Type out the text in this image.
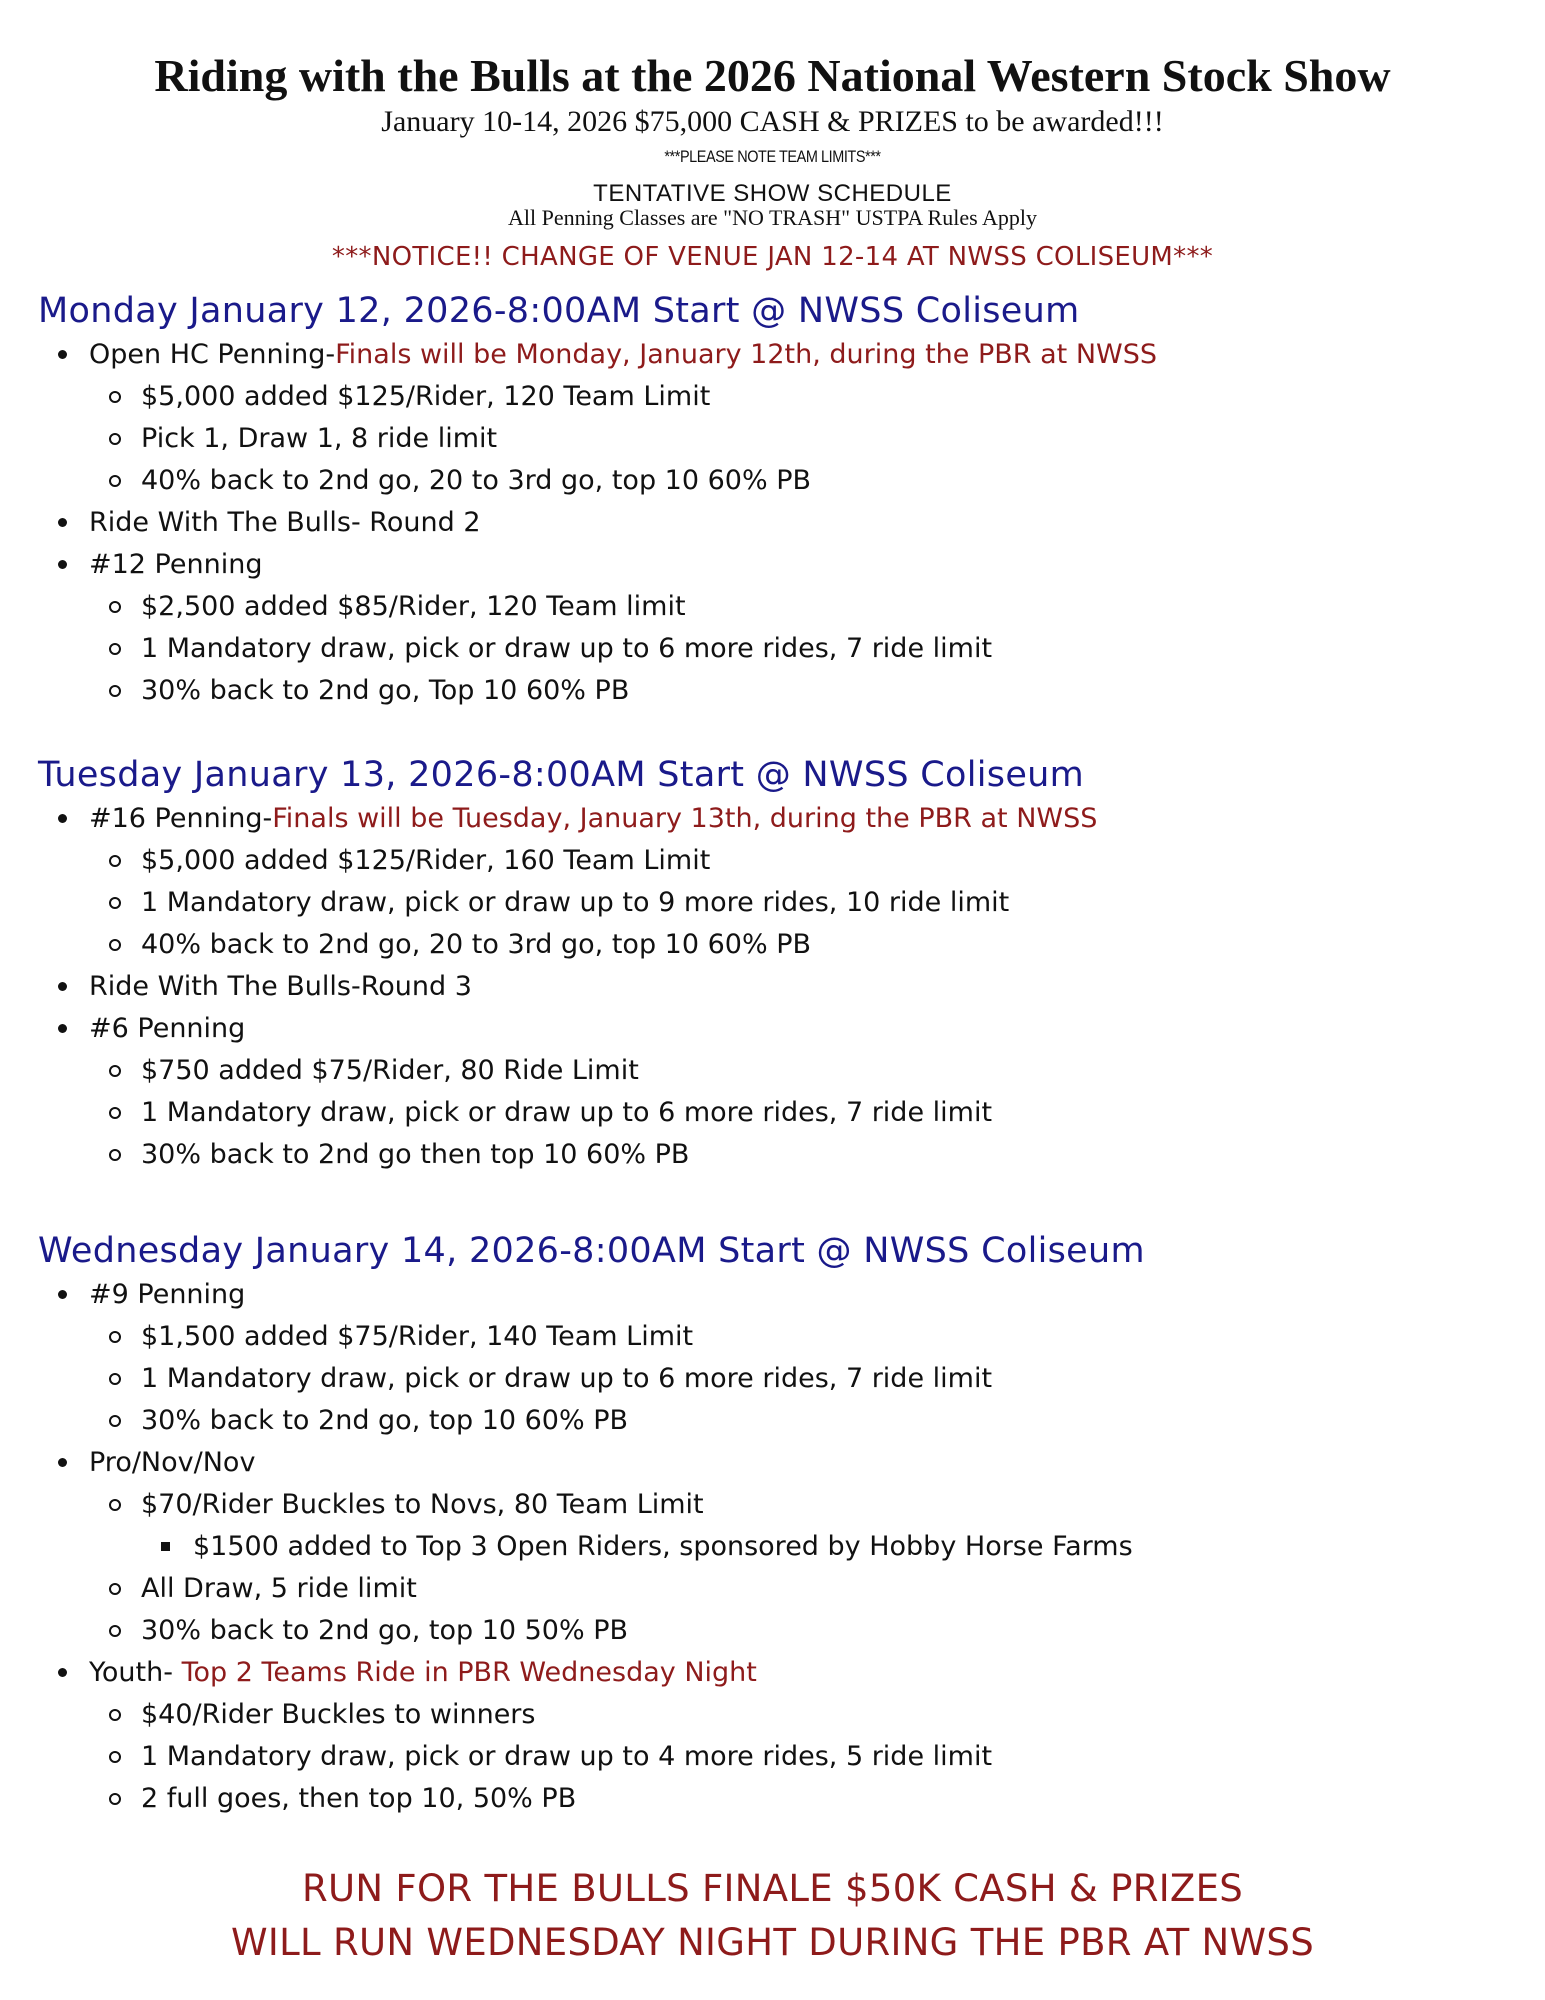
Riding with the Bulls at the 2026 National Western Stock Show
January 10-14, 2026 $75,000 CASH & PRIZES to be awarded!!!
***PLEASE NOTE TEAM LIMITS***
TENTATIVE SHOW SCHEDULE
All Penning Classes are "NO TRASH" USTPA Rules Apply
***NOTICE!! CHANGE OF VENUE JAN 12-14 AT NWSS COLISEUM***
Monday January 12, 2026-8:00AM Start @ NWSS Coliseum
Open HC Penning-Finals will be Monday, January 12th, during the PBR at NWSS
$5,000 added $125/Rider, 120 Team Limit
Pick 1, Draw 1, 8 ride limit
40% back to 2nd go, 20 to 3rd go, top 10 60% PB
Ride With The Bulls- Round 2
#12 Penning
$2,500 added $85/Rider, 120 Team limit
1 Mandatory draw, pick or draw up to 6 more rides, 7 ride limit
30% back to 2nd go, Top 10 60% PB
Tuesday January 13, 2026-8:00AM Start @ NWSS Coliseum
#16 Penning-Finals will be Tuesday, January 13th, during the PBR at NWSS
$5,000 added $125/Rider, 160 Team Limit
1 Mandatory draw, pick or draw up to 9 more rides, 10 ride limit
40% back to 2nd go, 20 to 3rd go, top 10 60% PB
Ride With The Bulls-Round 3
#6 Penning
$750 added $75/Rider, 80 Ride Limit
1 Mandatory draw, pick or draw up to 6 more rides, 7 ride limit
30% back to 2nd go then top 10 60% PB
Wednesday January 14, 2026-8:00AM Start @ NWSS Coliseum
#9 Penning
$1,500 added $75/Rider, 140 Team Limit
1 Mandatory draw, pick or draw up to 6 more rides, 7 ride limit
30% back to 2nd go, top 10 60% PB
Pro/Nov/Nov
$70/Rider Buckles to Novs, 80 Team Limit
$1500 added to Top 3 Open Riders, sponsored by Hobby Horse Farms
All Draw, 5 ride limit
30% back to 2nd go, top 10 50% PB
Youth- Top 2 Teams Ride in PBR Wednesday Night
$40/Rider Buckles to winners
1 Mandatory draw, pick or draw up to 4 more rides, 5 ride limit
2 full goes, then top 10, 50% PB
RUN FOR THE BULLS FINALE $50K CASH & PRIZES
WILL RUN WEDNESDAY NIGHT DURING THE PBR AT NWSS
